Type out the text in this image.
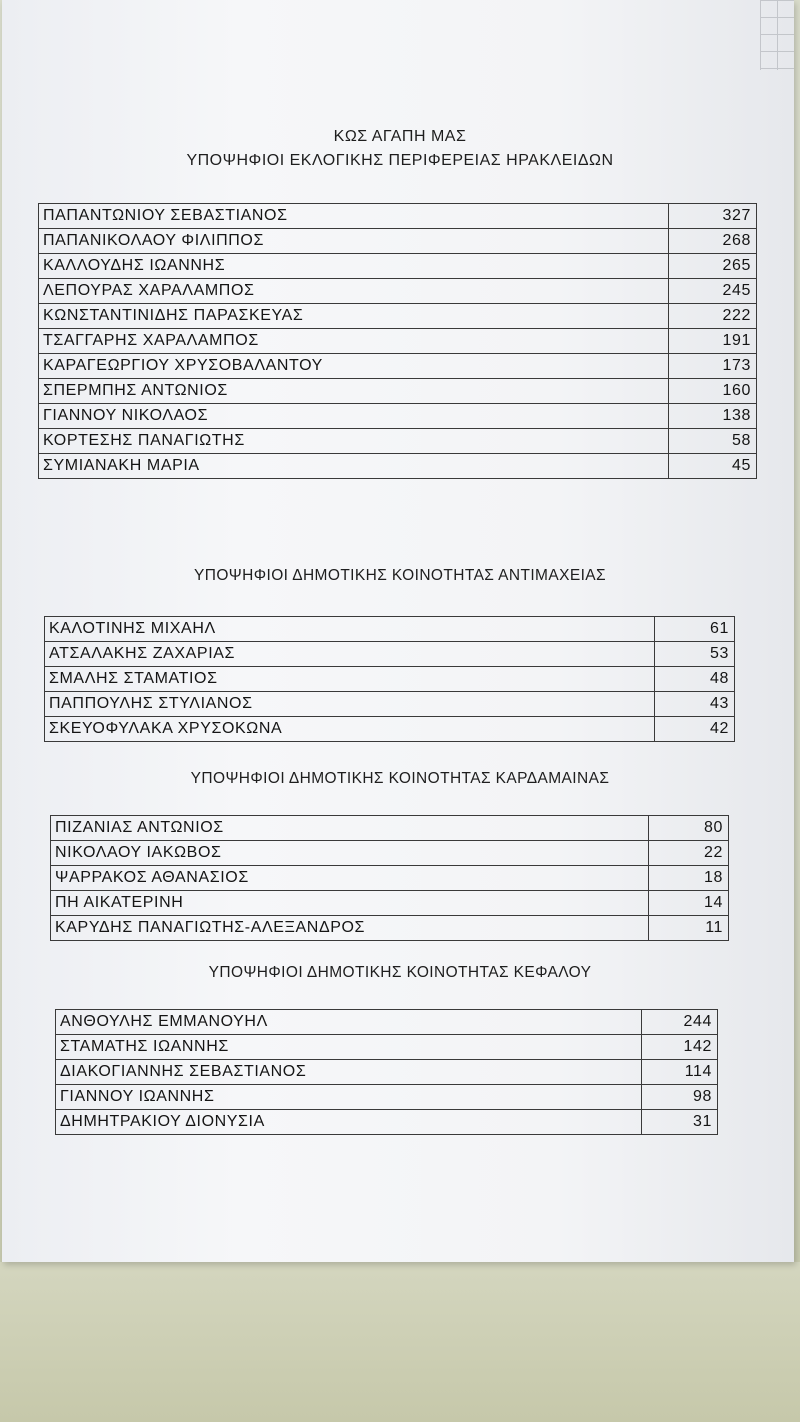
ΚΩΣ ΑΓΑΠΗ ΜΑΣ
ΥΠΟΨΗΦΙΟΙ ΕΚΛΟΓΙΚΗΣ ΠΕΡΙΦΕΡΕΙΑΣ ΗΡΑΚΛΕΙΔΩΝ
ΠΑΠΑΝΤΩΝΙΟΥ ΣΕΒΑΣΤΙΑΝΟΣ	327
ΠΑΠΑΝΙΚΟΛΑΟΥ ΦΙΛΙΠΠΟΣ	268
ΚΑΛΛΟΥΔΗΣ ΙΩΑΝΝΗΣ	265
ΛΕΠΟΥΡΑΣ ΧΑΡΑΛΑΜΠΟΣ	245
ΚΩΝΣΤΑΝΤΙΝΙΔΗΣ ΠΑΡΑΣΚΕΥΑΣ	222
ΤΣΑΓΓΑΡΗΣ ΧΑΡΑΛΑΜΠΟΣ	191
ΚΑΡΑΓΕΩΡΓΙΟΥ ΧΡΥΣΟΒΑΛΑΝΤΟΥ	173
ΣΠΕΡΜΠΗΣ ΑΝΤΩΝΙΟΣ	160
ΓΙΑΝΝΟΥ ΝΙΚΟΛΑΟΣ	138
ΚΟΡΤΕΣΗΣ ΠΑΝΑΓΙΩΤΗΣ	58
ΣΥΜΙΑΝΑΚΗ ΜΑΡΙΑ	45
ΥΠΟΨΗΦΙΟΙ ΔΗΜΟΤΙΚΗΣ ΚΟΙΝΟΤΗΤΑΣ ΑΝΤΙΜΑΧΕΙΑΣ
ΚΑΛΟΤΙΝΗΣ ΜΙΧΑΗΛ	61
ΑΤΣΑΛΑΚΗΣ ΖΑΧΑΡΙΑΣ	53
ΣΜΑΛΗΣ ΣΤΑΜΑΤΙΟΣ	48
ΠΑΠΠΟΥΛΗΣ ΣΤΥΛΙΑΝΟΣ	43
ΣΚΕΥΟΦΥΛΑΚΑ ΧΡΥΣΟΚΩΝΑ	42
ΥΠΟΨΗΦΙΟΙ ΔΗΜΟΤΙΚΗΣ ΚΟΙΝΟΤΗΤΑΣ ΚΑΡΔΑΜΑΙΝΑΣ
ΠΙΖΑΝΙΑΣ ΑΝΤΩΝΙΟΣ	80
ΝΙΚΟΛΑΟΥ ΙΑΚΩΒΟΣ	22
ΨΑΡΡΑΚΟΣ ΑΘΑΝΑΣΙΟΣ	18
ΠΗ ΑΙΚΑΤΕΡΙΝΗ	14
ΚΑΡΥΔΗΣ ΠΑΝΑΓΙΩΤΗΣ-ΑΛΕΞΑΝΔΡΟΣ	11
ΥΠΟΨΗΦΙΟΙ ΔΗΜΟΤΙΚΗΣ ΚΟΙΝΟΤΗΤΑΣ ΚΕΦΑΛΟΥ
ΑΝΘΟΥΛΗΣ ΕΜΜΑΝΟΥΗΛ	244
ΣΤΑΜΑΤΗΣ ΙΩΑΝΝΗΣ	142
ΔΙΑΚΟΓΙΑΝΝΗΣ ΣΕΒΑΣΤΙΑΝΟΣ	114
ΓΙΑΝΝΟΥ ΙΩΑΝΝΗΣ	98
ΔΗΜΗΤΡΑΚΙΟΥ ΔΙΟΝΥΣΙΑ	31
